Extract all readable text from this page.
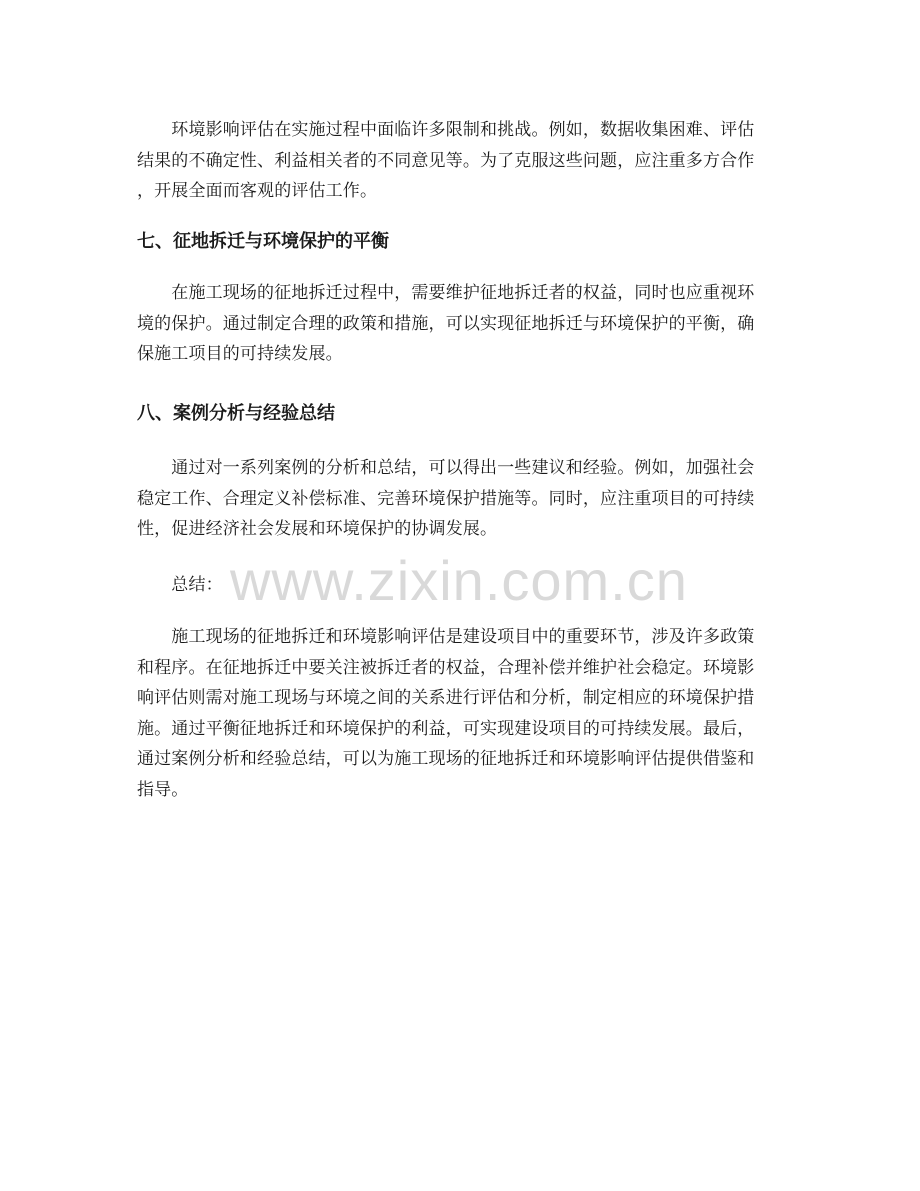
　　环境影响评估在实施过程中面临许多限制和挑战。例如，数据收集困难、评估
结果的不确定性、利益相关者的不同意见等。为了克服这些问题，应注重多方合作
，开展全面而客观的评估工作。

七、征地拆迁与环境保护的平衡

　　在施工现场的征地拆迁过程中，需要维护征地拆迁者的权益，同时也应重视环
境的保护。通过制定合理的政策和措施，可以实现征地拆迁与环境保护的平衡，确
保施工项目的可持续发展。

八、案例分析与经验总结

　　通过对一系列案例的分析和总结，可以得出一些建议和经验。例如，加强社会
稳定工作、合理定义补偿标准、完善环境保护措施等。同时，应注重项目的可持续
性，促进经济社会发展和环境保护的协调发展。

www.zixin.com.cn

　　总结：

　　施工现场的征地拆迁和环境影响评估是建设项目中的重要环节，涉及许多政策
和程序。在征地拆迁中要关注被拆迁者的权益，合理补偿并维护社会稳定。环境影
响评估则需对施工现场与环境之间的关系进行评估和分析，制定相应的环境保护措
施。通过平衡征地拆迁和环境保护的利益，可实现建设项目的可持续发展。最后，
通过案例分析和经验总结，可以为施工现场的征地拆迁和环境影响评估提供借鉴和
指导。
